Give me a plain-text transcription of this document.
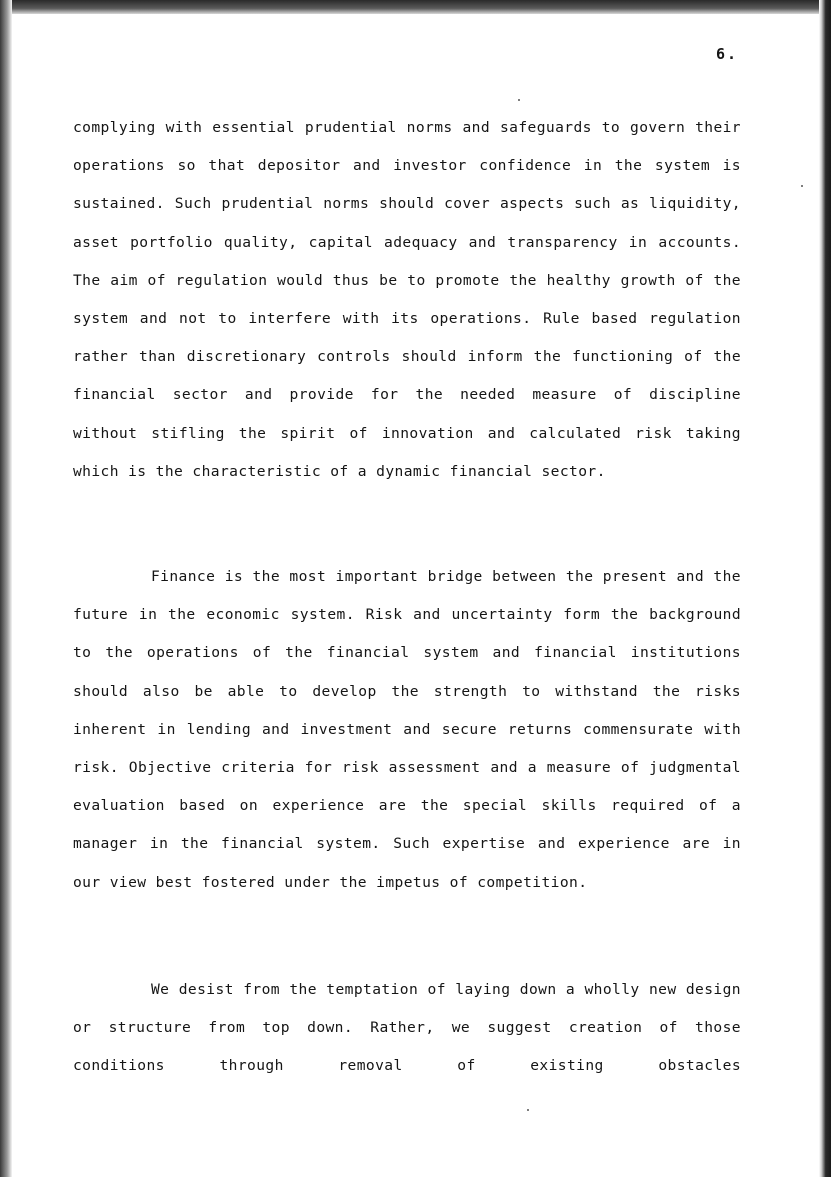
6.

complying with essential prudential norms and safeguards to govern their operations so that depositor and investor confidence in the system is sustained. Such prudential norms should cover aspects such as liquidity, asset portfolio quality, capital adequacy and transparency in accounts. The aim of regulation would thus be to promote the healthy growth of the system and not to interfere with its operations. Rule based regulation rather than discretionary controls should inform the functioning of the financial sector and provide for the needed measure of discipline without stifling the spirit of innovation and calculated risk taking which is the characteristic of a dynamic financial sector.

Finance is the most important bridge between the present and the future in the economic system. Risk and uncertainty form the background to the operations of the financial system and financial institutions should also be able to develop the strength to withstand the risks inherent in lending and investment and secure returns commensurate with risk. Objective criteria for risk assessment and a measure of judgmental evaluation based on experience are the special skills required of a manager in the financial system. Such expertise and experience are in our view best fostered under the impetus of competition.

We desist from the temptation of laying down a wholly new design or structure from top down. Rather, we suggest creation of those conditions through removal of existing obstacles
